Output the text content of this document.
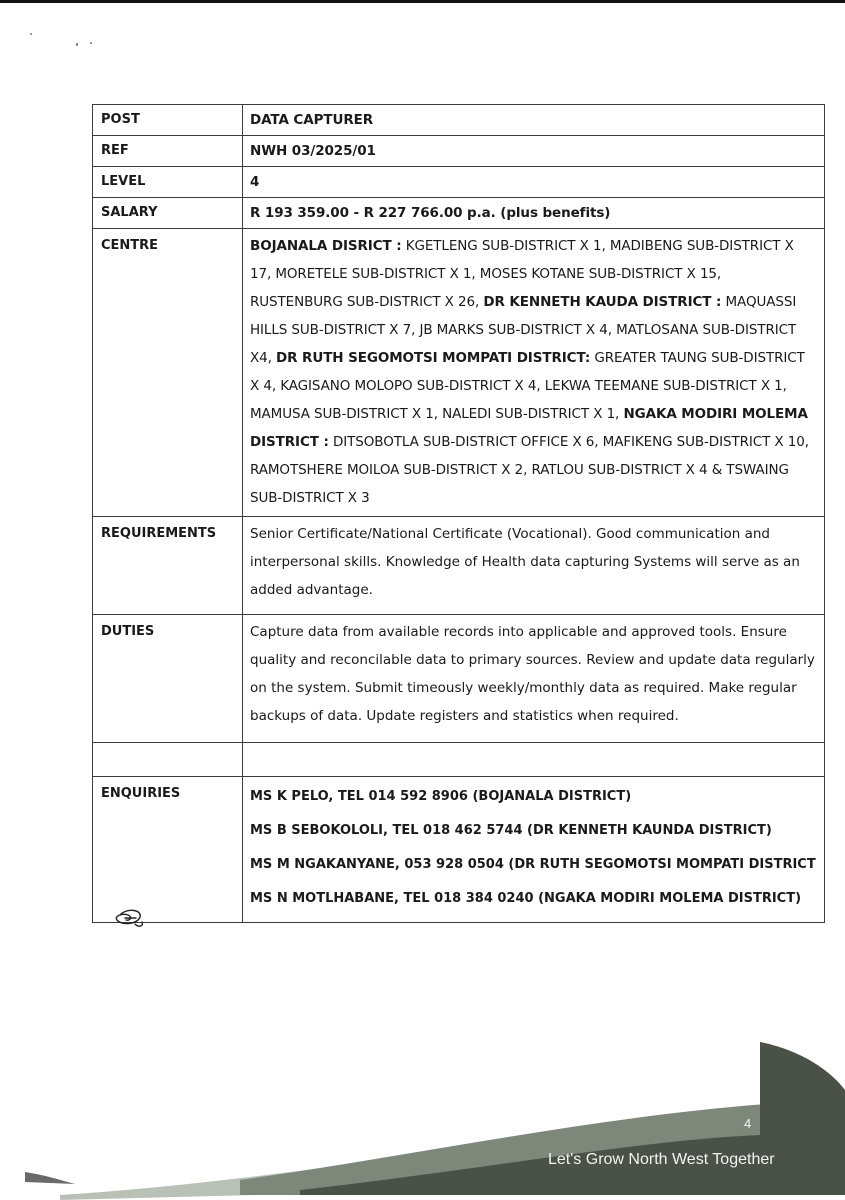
POST	DATA CAPTURER
REF	NWH 03/2025/01
LEVEL	4
SALARY	R 193 359.00 - R 227 766.00 p.a. (plus benefits)
CENTRE	BOJANALA DISRICT : KGETLENG SUB-DISTRICT X 1, MADIBENG SUB-DISTRICT X 17, MORETELE SUB-DISTRICT X 1, MOSES KOTANE SUB-DISTRICT X 15, RUSTENBURG SUB-DISTRICT X 26, DR KENNETH KAUDA DISTRICT : MAQUASSI HILLS SUB-DISTRICT X 7, JB MARKS SUB-DISTRICT X 4, MATLOSANA SUB-DISTRICT X4, DR RUTH SEGOMOTSI MOMPATI DISTRICT: GREATER TAUNG SUB-DISTRICT X 4, KAGISANO MOLOPO SUB-DISTRICT X 4, LEKWA TEEMANE SUB-DISTRICT X 1, MAMUSA SUB-DISTRICT X 1, NALEDI SUB-DISTRICT X 1, NGAKA MODIRI MOLEMA DISTRICT : DITSOBOTLA SUB-DISTRICT OFFICE X 6, MAFIKENG SUB-DISTRICT X 10, RAMOTSHERE MOILOA SUB-DISTRICT X 2, RATLOU SUB-DISTRICT X 4 & TSWAING SUB-DISTRICT X 3
REQUIREMENTS	Senior Certificate/National Certificate (Vocational). Good communication and interpersonal skills. Knowledge of Health data capturing Systems will serve as an added advantage.
DUTIES	Capture data from available records into applicable and approved tools. Ensure quality and reconcilable data to primary sources. Review and update data regularly on the system. Submit timeously weekly/monthly data as required. Make regular backups of data. Update registers and statistics when required.

ENQUIRIES	MS K PELO, TEL 014 592 8906 (BOJANALA DISTRICT)
MS B SEBOKOLOLI, TEL 018 462 5744 (DR KENNETH KAUNDA DISTRICT)
MS M NGAKANYANE, 053 928 0504 (DR RUTH SEGOMOTSI MOMPATI DISTRICT
MS N MOTLHABANE, TEL 018 384 0240 (NGAKA MODIRI MOLEMA DISTRICT)
4
Let's Grow North West Together
